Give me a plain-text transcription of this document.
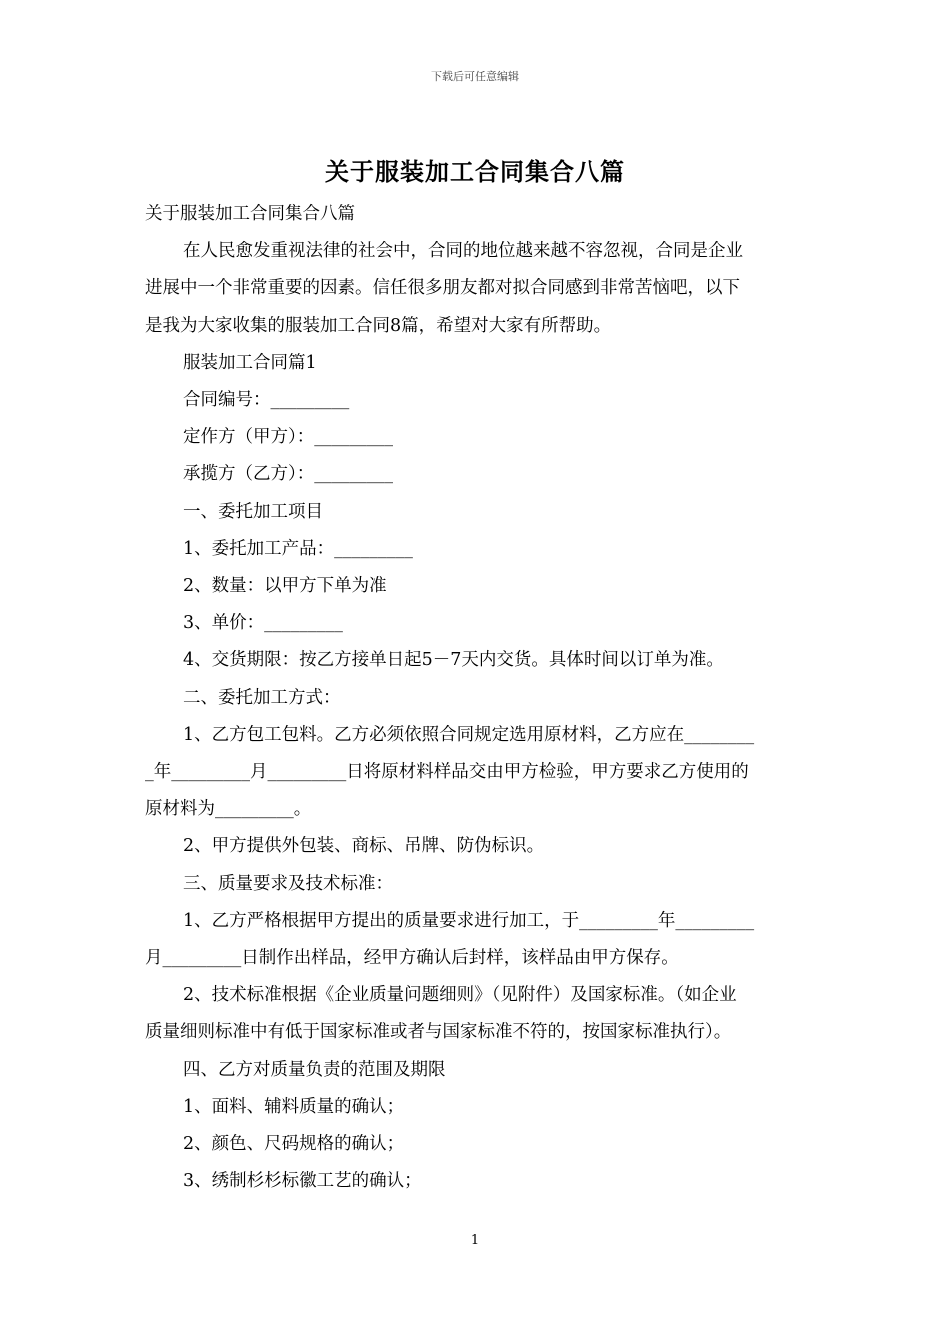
下载后可任意编辑
关于服装加工合同集合八篇

关于服装加工合同集合八篇

在人民愈发重视法律的社会中，合同的地位越来越不容忽视，合同是企业

进展中一个非常重要的因素。信任很多朋友都对拟合同感到非常苦恼吧，以下

是我为大家收集的服装加工合同8篇，希望对大家有所帮助。

服装加工合同篇1

合同编号：_________

定作方（甲方）：_________

承揽方（乙方）：_________

一、委托加工项目

1、委托加工产品：_________

2、数量：以甲方下单为准

3、单价：_________

4、交货期限：按乙方接单日起5－7天内交货。具体时间以订单为准。

二、委托加工方式：

1、乙方包工包料。乙方必须依照合同规定选用原材料，乙方应在________

_年_________月_________日将原材料样品交由甲方检验，甲方要求乙方使用的

原材料为_________。

2、甲方提供外包装、商标、吊牌、防伪标识。

三、质量要求及技术标准：

1、乙方严格根据甲方提出的质量要求进行加工，于_________年_________

月_________日制作出样品，经甲方确认后封样，该样品由甲方保存。

2、技术标准根据《企业质量问题细则》（见附件）及国家标准。（如企业

质量细则标准中有低于国家标准或者与国家标准不符的，按国家标准执行）。

四、乙方对质量负责的范围及期限

1、面料、辅料质量的确认；

2、颜色、尺码规格的确认；

3、绣制杉杉标徽工艺的确认；

1
